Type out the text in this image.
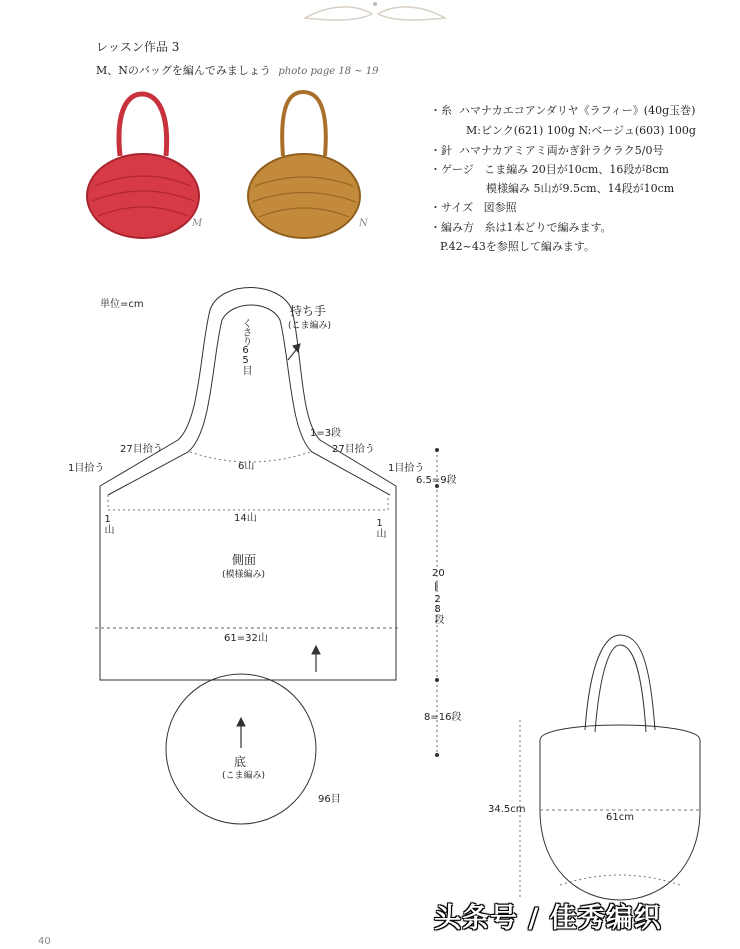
レッスン作品 3
M、Nのバッグを編んでみましょう photo page 18 ~ 19
M	N
・糸 ハマナカエコアンダリヤ《ラフィー》(40g玉巻)
M:ピンク(621) 100g N:ベージュ(603) 100g
・針 ハマナカアミアミ両かぎ針ラクラク5/0号
・ゲージ こま編み 20目が10cm、16段が8cm
模様編み 5山が9.5cm、14段が10cm
・サイズ 図参照
・編み方 糸は1本どりで編みます。
P.42~43を参照して編みます。
単位=cm	持ち手
(こま編み)
くさり65目
1=3段
27目拾う	27目拾う
1目拾う	1目拾う
6山
1山	1山
14山
側面
(模様編み)
61=32山
6.5=9段
20
‖
28段
8=16段
底
(こま編み)
96目
34.5cm
61cm
40
头条号 / 佳秀编织
